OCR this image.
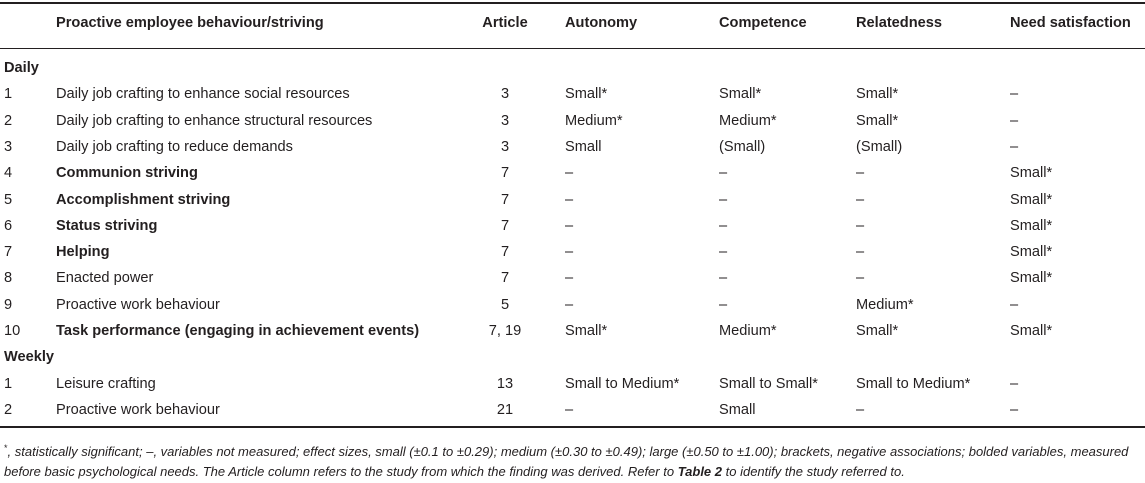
Proactive employee behaviour/striving	Article	Autonomy	Competence	Relatedness	Need satisfaction
Daily
1	Daily job crafting to enhance social resources	3	Small*	Small*	Small*	–
2	Daily job crafting to enhance structural resources	3	Medium*	Medium*	Small*	–
3	Daily job crafting to reduce demands	3	Small	(Small)	(Small)	–
4	Communion striving	7	–	–	–	Small*
5	Accomplishment striving	7	–	–	–	Small*
6	Status striving	7	–	–	–	Small*
7	Helping	7	–	–	–	Small*
8	Enacted power	7	–	–	–	Small*
9	Proactive work behaviour	5	–	–	Medium*	–
10 Task performance (engaging in achievement events)	7, 19	Small*	Medium*	Small*	Small*
Weekly
1	Leisure crafting	13	Small to Medium*	Small to Small*	Small to Medium*	–
2	Proactive work behaviour	21	–	Small	–	–
*, statistically significant; –, variables not measured; effect sizes, small (±0.1 to ±0.29); medium (±0.30 to ±0.49); large (±0.50 to ±1.00); brackets, negative associations; bolded variables, measured before basic psychological needs. The Article column refers to the study from which the finding was derived. Refer to Table 2 to identify the study referred to.
